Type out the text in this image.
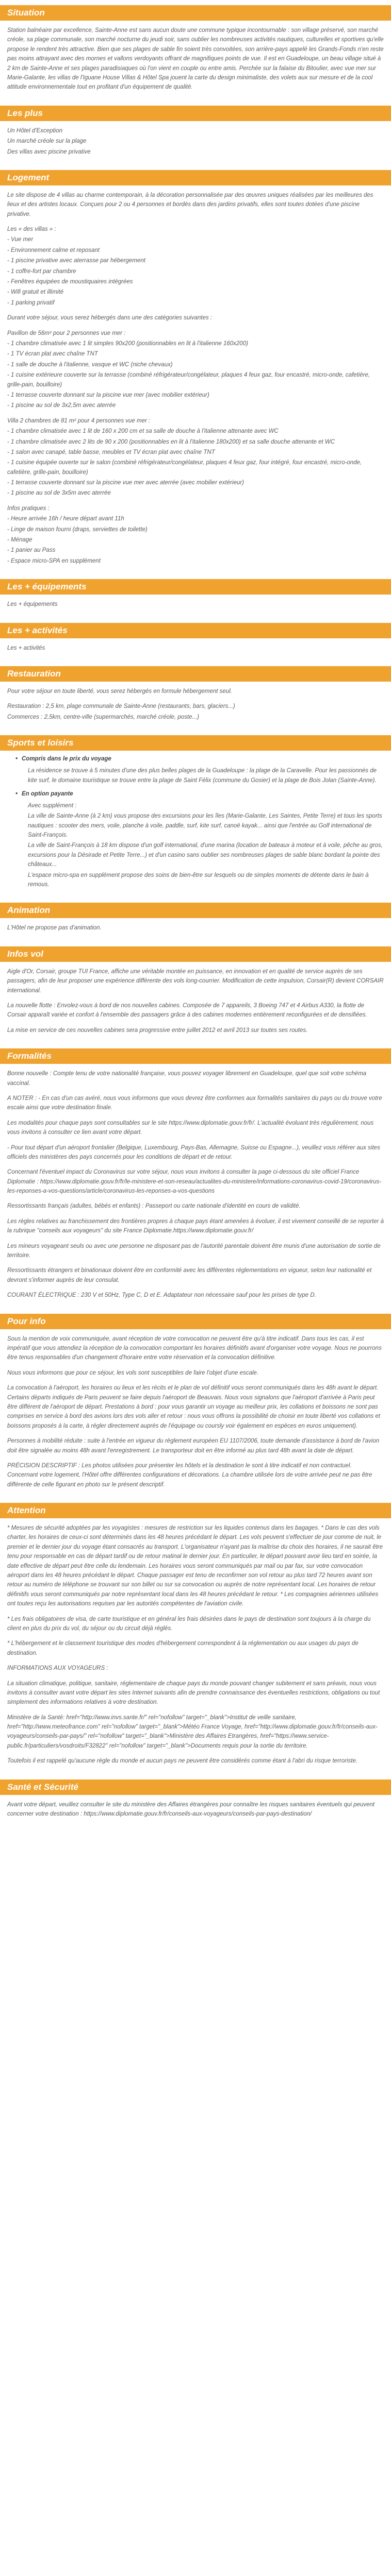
Situation

Station balnéaire par excellence, Sainte-Anne est sans aucun doute une commune typique incontournable : son village préservé, son marché créole, sa plage communale, son marché nocturne du jeudi soir, sans oublier les nombreuses activités nautiques, culturelles et sportives qu'elle propose le rendent très attractive. Bien que ses plages de sable fin soient très convoitées, son arrière-pays appelé les Grands-Fonds n'en reste pas moins attrayant avec des mornes et vallons verdoyants offrant de magnifiques points de vue. Il est en Guadeloupe, un beau village situé à 2 km de Sainte-Anne et ses plages paradisiaques où l'on vient en couple ou entre amis. Perchée sur la falaise du Bitoulier, avec vue mer sur Marie-Galante, les villas de l'Iguane House Villas & Hôtel Spa jouent la carte du design minimaliste, des volets aux sur mesure et de la cool attitude environnementale tout en profitant d'un équipement de qualité.

Les plus

Un Hôtel d'Exception

Un marché créole sur la plage

Des villas avec piscine privative

Logement

Le site dispose de 4 villas au charme contemporain, à la décoration personnalisée par des œuvres uniques réalisées par les meilleures des lieux et des artistes locaux. Conçues pour 2 ou 4 personnes et bordés dans des jardins privatifs, elles sont toutes dotées d'une piscine privative.

Les « des villas » :

- Vue mer

- Environnement calme et reposant

- 1 piscine privative avec aterrasse par hébergement

- 1 coffre-fort par chambre

- Fenêtres équipées de moustiquaires intégrées

- Wifi gratuit et illimité

- 1 parking privatif

Durant votre séjour, vous serez hébergés dans une des catégories suivantes :

Pavillon de 56m² pour 2 personnes vue mer :

- 1 chambre climatisée avec 1 lit simples 90x200 (positionnables en lit à l'italienne 160x200)

- 1 TV écran plat avec chaîne TNT

- 1 salle de douche à l'italienne, vasque et WC (niche chevaux)

- 1 cuisine extérieure couverte sur la terrasse (combiné réfrigérateur/congélateur, plaques 4 feux gaz, four encastré, micro-onde, cafetière, grille-pain, bouilloire)

- 1 terrasse couverte donnant sur la piscine vue mer (avec mobilier extérieur)

- 1 piscine au sol de 3x2,5m avec aterrée

Villa 2 chambres de 81 m² pour 4 personnes vue mer :

- 1 chambre climatisée avec 1 lit de 160 x 200 cm et sa salle de douche à l'italienne attenante avec WC

- 1 chambre climatisée avec 2 lits de 90 x 200 (positionnables en lit à l'italienne 180x200) et sa salle douche attenante et WC

- 1 salon avec canapé, table basse, meubles et TV écran plat avec chaîne TNT

- 1 cuisine équipée ouverte sur le salon (combiné réfrigérateur/congélateur, plaques 4 feux gaz, four intégré, four encastré, micro-onde, cafetière, grille-pain, bouilloire)

- 1 terrasse couverte donnant sur la piscine vue mer avec aterrée (avec mobilier extérieur)

- 1 piscine au sol de 3x5m avec aterrée

Infos pratiques :

- Heure arrivée 16h / heure départ avant 11h

- Linge de maison fourni (draps, serviettes de toilette)

- Ménage

- 1 panier au Pass

- Espace micro-SPA en supplément

Les + équipements

Les + équipements

Les + activités

Les + activités

Restauration

Pour votre séjour en toute liberté, vous serez hébergés en formule hébergement seul.

Restauration : 2,5 km, plage communale de Sainte-Anne (restaurants, bars, glaciers...)

Commerces : 2,5km, centre-ville (supermarchés, marché créole, poste...)

Sports et loisirs
• Compris dans le prix du voyage

La résidence se trouve à 5 minutes d'une des plus belles plages de la Guadeloupe : la plage de la Caravelle. Pour les passionnés de kite surf, le domaine touristique se trouve entre la plage de Saint Félix (commune du Gosier) et la plage de Bois Jolan (Sainte-Anne).

• En option payante

Avec supplément :

La ville de Sainte-Anne (à 2 km) vous propose des excursions pour les îles (Marie-Galante, Les Saintes, Petite Terre) et tous les sports nautiques : scooter des mers, voile, planche à voile, paddle, surf, kite surf, canoë kayak... ainsi que l'entrée au Golf international de Saint-François.

La ville de Saint-François à 18 km dispose d'un golf international, d'une marina (location de bateaux à moteur et à voile, pêche au gros, excursions pour la Désirade et Petite Terre...) et d'un casino sans oublier ses nombreuses plages de sable blanc bordant la pointe des châteaux...

L'espace micro-spa en supplément propose des soins de bien-être sur lesquels ou de simples moments de détente dans le bain à remous.

Animation

L'Hôtel ne propose pas d'animation.

Infos vol

Aigle d'Or, Corsair, groupe TUI France, affiche une véritable montée en puissance, en innovation et en qualité de service auprès de ses passagers, afin de leur proposer une expérience différente des vols long-courrier. Modification de cette impulsion, Corsair(R) devient CORSAIR international.

La nouvelle flotte : Envolez-vous à bord de nos nouvelles cabines. Composée de 7 appareils, 3 Boeing 747 et 4 Airbus A330, la flotte de Corsair apparaît variée et confort à l'ensemble des passagers grâce à des cabines modernes entièrement reconfigurées et de densifiées.

La mise en service de ces nouvelles cabines sera progressive entre juillet 2012 et avril 2013 sur toutes ses routes.

Formalités

Bonne nouvelle : Compte tenu de votre nationalité française, vous pouvez voyager librement en Guadeloupe, quel que soit votre schéma vaccinal.

A NOTER : - En cas d'un cas avéré, nous vous informons que vous devrez être conformes aux formalités sanitaires du pays ou du trouve votre escale ainsi que votre destination finale.

Les modalités pour chaque pays sont consultables sur le site https://www.diplomatie.gouv.fr/fr/. L'actualité évoluant très régulièrement, nous vous invitons à consulter ce lien avant votre départ.

- Pour tout départ d'un aéroport frontalier (Belgique, Luxembourg, Pays-Bas, Allemagne, Suisse ou Espagne...), veuillez vous référer aux sites officiels des ministères des pays concernés pour les conditions de départ et de retour.

Concernant l'éventuel impact du Coronavirus sur votre séjour, nous vous invitons à consulter la page ci-dessous du site officiel France Diplomatie : https://www.diplomatie.gouv.fr/fr/le-ministere-et-son-reseau/actualites-du-ministere/informations-coronavirus-covid-19/coronavirus-les-reponses-a-vos-questions/article/coronavirus-les-reponses-a-vos-questions

Ressortissants français (adultes, bébés et enfants) : Passeport ou carte nationale d'identité en cours de validité.

Les règles relatives au franchissement des frontières propres à chaque pays étant amenées à évoluer, il est vivement conseillé de se reporter à la rubrique "conseils aux voyageurs" du site France Diplomatie.https://www.diplomatie.gouv.fr/

Les mineurs voyageant seuls ou avec une personne ne disposant pas de l'autorité parentale doivent être munis d'une autorisation de sortie de territoire.

Ressortissants étrangers et binationaux doivent être en conformité avec les différentes réglementations en vigueur, selon leur nationalité et devront s'informer auprès de leur consulat.

COURANT ÉLECTRIQUE : 230 V et 50Hz, Type C, D et E. Adaptateur non nécessaire sauf pour les prises de type D.

Pour info

Sous la mention de voix communiquée, avant réception de votre convocation ne peuvent être qu'à titre indicatif. Dans tous les cas, il est impératif que vous attendiez la réception de la convocation comportant les horaires définitifs avant d'organiser votre voyage. Nous ne pourrons être tenus responsables d'un changement d'horaire entre votre réservation et la convocation définitive.

Nous vous informons que pour ce séjour, les vols sont susceptibles de faire l'objet d'une escale.

La convocation à l'aéroport, les horaires ou lieux et les récits et le plan de vol définitif vous seront communiqués dans les 48h avant le départ. Certains départs indiqués de Paris peuvent se faire depuis l'aéroport de Beauvais. Nous vous signalons que l'aéroport d'arrivée à Paris peut être différent de l'aéroport de départ. Prestations à bord : pour vous garantir un voyage au meilleur prix, les collations et boissons ne sont pas comprises en service à bord des avions lors des vols aller et retour : nous vous offrons la possibilité de choisir en toute liberté vos collations et boissons proposés à la carte, à régler directement auprès de l'équipage ou coursly voir également en espèces en euros uniquement).

Personnes à mobilité réduite : suite à l'entrée en vigueur du règlement européen EU 1107/2006, toute demande d'assistance à bord de l'avion doit être signalée au moins 48h avant l'enregistrement. Le transporteur doit en être informé au plus tard 48h avant la date de départ.

PRÉCISION DESCRIPTIF : Les photos utilisées pour présenter les hôtels et la destination le sont à titre indicatif et non contractuel. Concernant votre logement, l'Hôtel offre différentes configurations et décorations. La chambre utilisée lors de votre arrivée peut ne pas être différente de celle figurant en photo sur le présent descriptif.

Attention

* Mesures de sécurité adoptées par les voyagistes : mesures de restriction sur les liquides contenus dans les bagages. * Dans le cas des vols charter, les horaires de ceux-ci sont déterminés dans les 48 heures précédant le départ. Les vols peuvent s'effectuer de jour comme de nuit, le premier et le dernier jour du voyage étant consacrés au transport. L'organisateur n'ayant pas la maîtrise du choix des horaires, il ne saurait être tenu pour responsable en cas de départ tardif ou de retour matinal le dernier jour. En particulier, le départ pouvant avoir lieu tard en soirée, la date effective de départ peut être celle du lendemain. Les horaires vous seront communiqués par mail ou par fax, sur votre convocation aéroport dans les 48 heures précédant le départ. Chaque passager est tenu de reconfirmer son vol retour au plus tard 72 heures avant son retour au numéro de téléphone se trouvant sur son billet ou sur sa convocation ou auprès de notre représentant local. Les horaires de retour définitifs vous seront communiqués par notre représentant local dans les 48 heures précédant le retour. * Les compagnies aériennes utilisées ont toutes reçu les autorisations requises par les autorités compétentes de l'aviation civile.

* Les frais obligatoires de visa, de carte touristique et en général les frais désirées dans le pays de destination sont toujours à la charge du client en plus du prix du vol, du séjour ou du circuit déjà réglés.

* L'hébergement et le classement touristique des modes d'hébergement correspondent à la réglementation ou aux usages du pays de destination.

INFORMATIONS AUX VOYAGEURS :

La situation climatique, politique, sanitaire, réglementaire de chaque pays du monde pouvant changer subitement et sans préavis, nous vous invitons à consulter avant votre départ les sites Internet suivants afin de prendre connaissance des éventuelles restrictions, obligations ou tout simplement des informations relatives à votre destination.

Ministère de la Santé: href="http://www.invs.sante.fr/" rel="nofollow" target="_blank">Institut de veille sanitaire, href="http://www.meteofrance.com" rel="nofollow" target="_blank">Météo France Voyage, href="http://www.diplomatie.gouv.fr/fr/conseils-aux-voyageurs/conseils-par-pays/" rel="nofollow" target="_blank">Ministère des Affaires Etrangères, href="https://www.service-public.fr/particuliers/vosdroits/F32822" rel="nofollow" target="_blank">Documents requis pour la sortie du territoire.

Toutefois il est rappelé qu'aucune règle du monde et aucun pays ne peuvent être considérés comme étant à l'abri du risque terroriste.

Santé et Sécurité

Avant votre départ, veuillez consulter le site du ministère des Affaires étrangères pour connaître les risques sanitaires éventuels qui peuvent concerner votre destination : https://www.diplomatie.gouv.fr/fr/conseils-aux-voyageurs/conseils-par-pays-destination/
